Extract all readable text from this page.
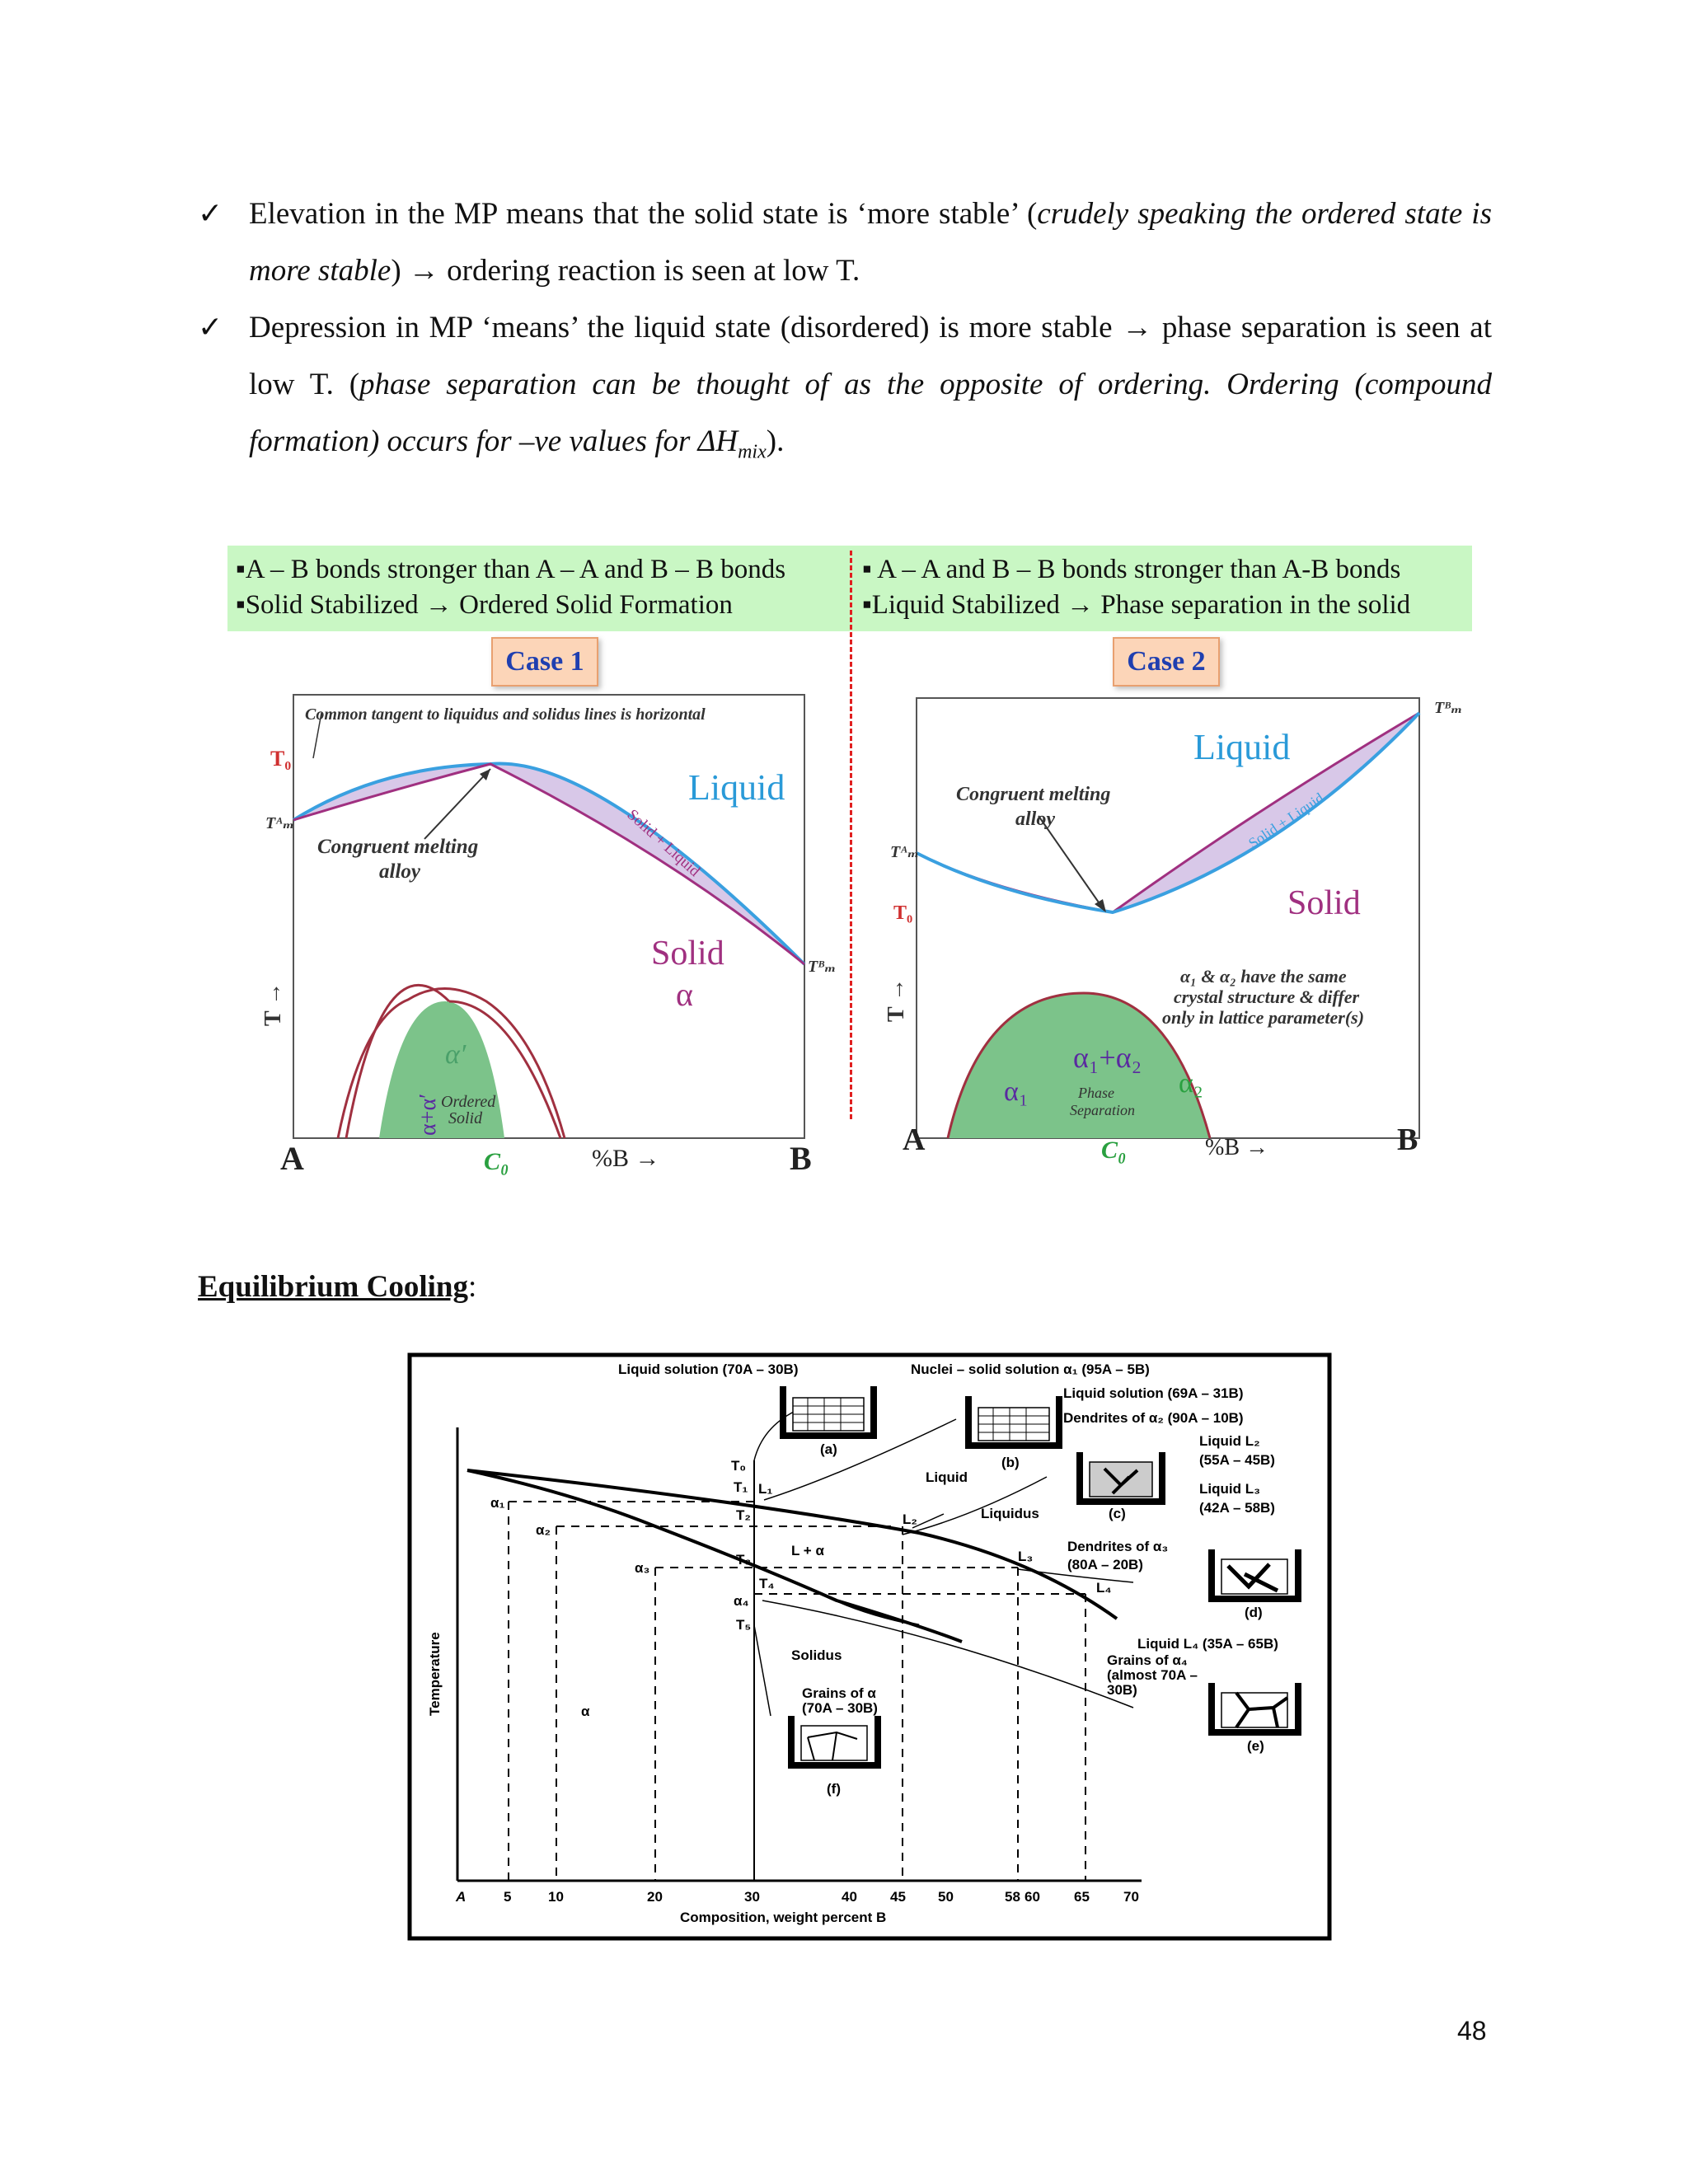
✓ Elevation in the MP means that the solid state is ‘more stable’ (crudely speaking the ordered state is more stable) → ordering reaction is seen at low T.

✓ Depression in MP ‘means’ the liquid state (disordered) is more stable → phase separation is seen at low T. (phase separation can be thought of as the opposite of ordering. Ordering (compound formation) occurs for –ve values for $\Delta H_{mix}$).

▪A – B bonds stronger than A – A and B – B bonds
▪Solid Stabilized → Ordered Solid Formation
▪ A – A and B – B bonds stronger than A-B bonds
▪Liquid Stabilized → Phase separation in the solid
Case 1	Case 2
Common tangent to liquidus and solidus lines is horizontal
T₀
Tᴬₘ
Tᴮₘ
Liquid
Solid
α
Congruent melting
alloy	Solid + Liquid
α′
Ordered
Solid
α+α′
T →
A	C₀	%B →	B
Tᴮₘ
Tᴬₘ
T₀
Liquid
Solid
Congruent melting
alloy	Solid + Liquid
α₁ & α₂ have the same
crystal structure & differ
only in lattice parameter(s)
α₁+α₂
Phase
Separation
α₁	α₂
T →
A	C₀	%B →	B
Equilibrium Cooling:
Liquid solution (70A – 30B)	Nuclei – solid solution α₁ (95A – 5B)
Liquid solution (69A – 31B)
Dendrites of α₂ (90A – 10B)
Liquid L₂
(55A – 45B)
Liquid L₃
(42A – 58B)
Dendrites of α₃
(80A – 20B)
Liquid L₄ (35A – 65B)
Grains of α₄
(almost 70A –
30B)
Grains of α
(70A – 30B)
Liquid
Liquidus
Solidus
L + α
α
Composition, weight percent B
Temperature
A	5	10	20	30	40 45 50	58 60 65 70
T₀
T₁
T₂
T₃
T₄
T₅
L₁
L₂
L₃
L₄
α₁
α₂
α₃
α₄
(a)
(b)
(c)
(d)
(e)
(f)
48
